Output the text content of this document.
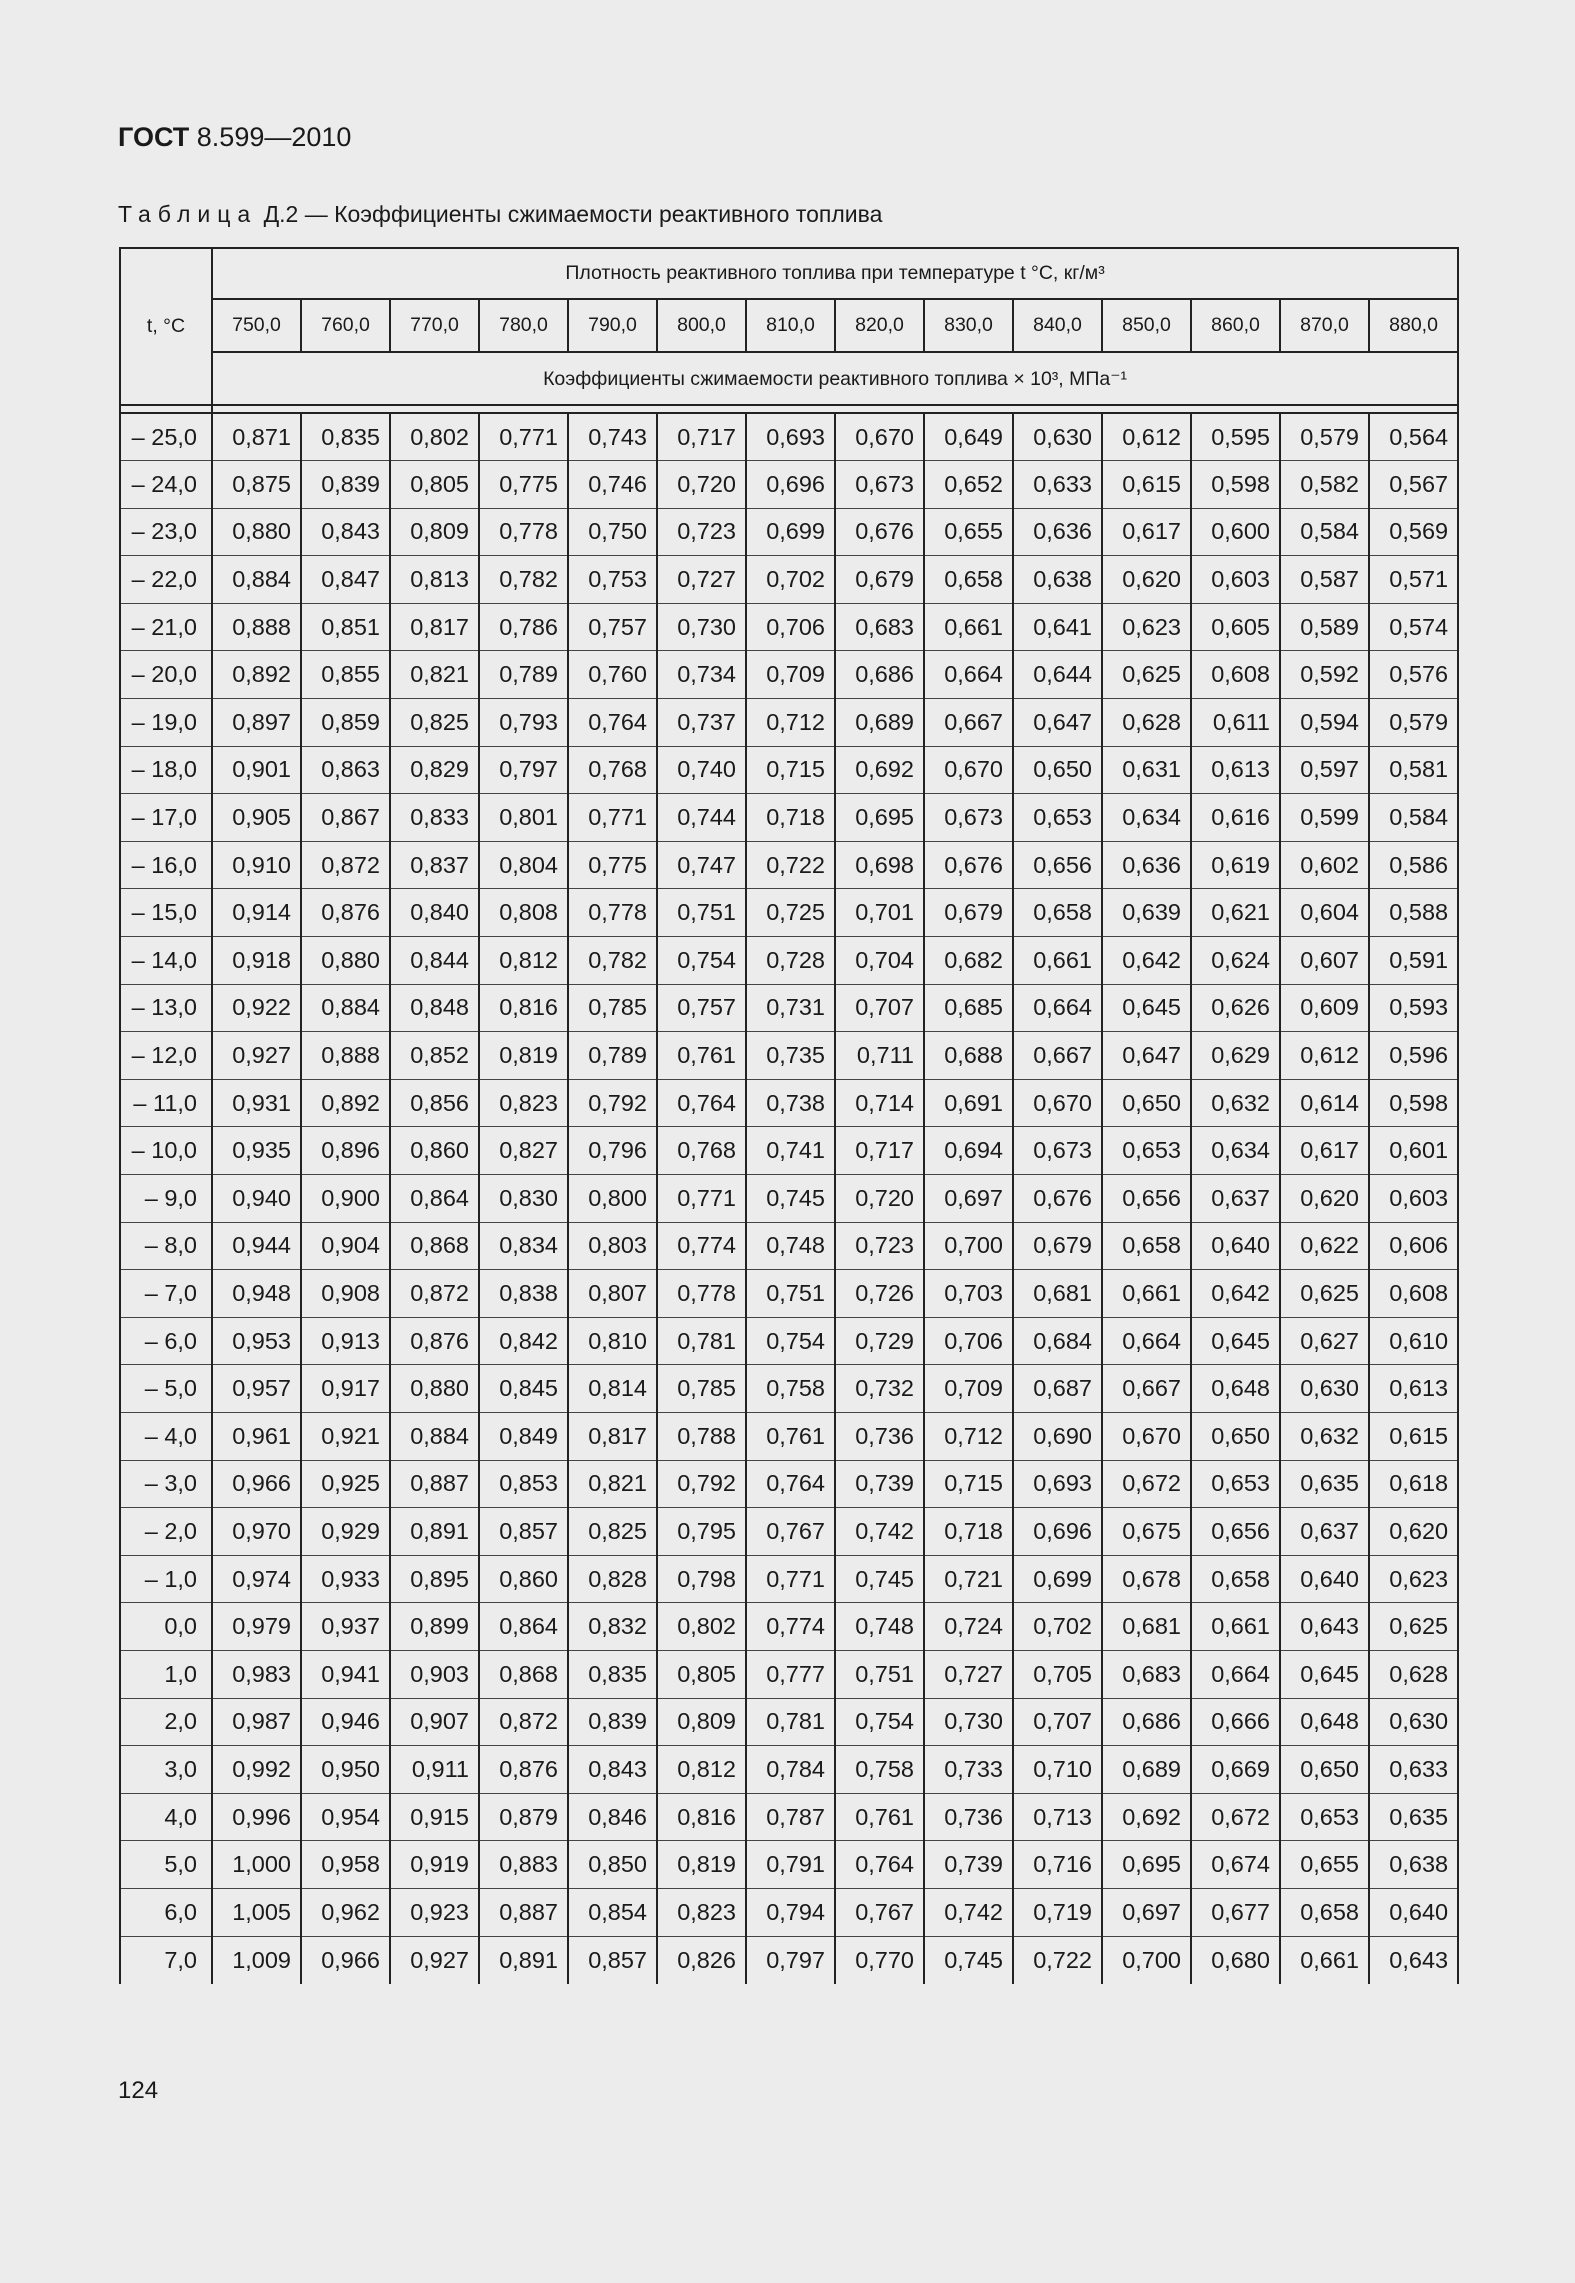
ГОСТ 8.599—2010
Таблица Д.2 — Коэффициенты сжимаемости реактивного топлива
t, °C	Плотность реактивного топлива при температуре t °C, кг/м³													
	750,0	760,0	770,0	780,0	790,0	800,0	810,0	820,0	830,0	840,0	850,0	860,0	870,0	880,0
	Коэффициенты сжимаемости реактивного топлива × 10³, МПа⁻¹													

– 25,0	0,871	0,835	0,802	0,771	0,743	0,717	0,693	0,670	0,649	0,630	0,612	0,595	0,579	0,564
– 24,0	0,875	0,839	0,805	0,775	0,746	0,720	0,696	0,673	0,652	0,633	0,615	0,598	0,582	0,567
– 23,0	0,880	0,843	0,809	0,778	0,750	0,723	0,699	0,676	0,655	0,636	0,617	0,600	0,584	0,569
– 22,0	0,884	0,847	0,813	0,782	0,753	0,727	0,702	0,679	0,658	0,638	0,620	0,603	0,587	0,571
– 21,0	0,888	0,851	0,817	0,786	0,757	0,730	0,706	0,683	0,661	0,641	0,623	0,605	0,589	0,574
– 20,0	0,892	0,855	0,821	0,789	0,760	0,734	0,709	0,686	0,664	0,644	0,625	0,608	0,592	0,576
– 19,0	0,897	0,859	0,825	0,793	0,764	0,737	0,712	0,689	0,667	0,647	0,628	0,611	0,594	0,579
– 18,0	0,901	0,863	0,829	0,797	0,768	0,740	0,715	0,692	0,670	0,650	0,631	0,613	0,597	0,581
– 17,0	0,905	0,867	0,833	0,801	0,771	0,744	0,718	0,695	0,673	0,653	0,634	0,616	0,599	0,584
– 16,0	0,910	0,872	0,837	0,804	0,775	0,747	0,722	0,698	0,676	0,656	0,636	0,619	0,602	0,586
– 15,0	0,914	0,876	0,840	0,808	0,778	0,751	0,725	0,701	0,679	0,658	0,639	0,621	0,604	0,588
– 14,0	0,918	0,880	0,844	0,812	0,782	0,754	0,728	0,704	0,682	0,661	0,642	0,624	0,607	0,591
– 13,0	0,922	0,884	0,848	0,816	0,785	0,757	0,731	0,707	0,685	0,664	0,645	0,626	0,609	0,593
– 12,0	0,927	0,888	0,852	0,819	0,789	0,761	0,735	0,711	0,688	0,667	0,647	0,629	0,612	0,596
– 11,0	0,931	0,892	0,856	0,823	0,792	0,764	0,738	0,714	0,691	0,670	0,650	0,632	0,614	0,598
– 10,0	0,935	0,896	0,860	0,827	0,796	0,768	0,741	0,717	0,694	0,673	0,653	0,634	0,617	0,601
– 9,0	0,940	0,900	0,864	0,830	0,800	0,771	0,745	0,720	0,697	0,676	0,656	0,637	0,620	0,603
– 8,0	0,944	0,904	0,868	0,834	0,803	0,774	0,748	0,723	0,700	0,679	0,658	0,640	0,622	0,606
– 7,0	0,948	0,908	0,872	0,838	0,807	0,778	0,751	0,726	0,703	0,681	0,661	0,642	0,625	0,608
– 6,0	0,953	0,913	0,876	0,842	0,810	0,781	0,754	0,729	0,706	0,684	0,664	0,645	0,627	0,610
– 5,0	0,957	0,917	0,880	0,845	0,814	0,785	0,758	0,732	0,709	0,687	0,667	0,648	0,630	0,613
– 4,0	0,961	0,921	0,884	0,849	0,817	0,788	0,761	0,736	0,712	0,690	0,670	0,650	0,632	0,615
– 3,0	0,966	0,925	0,887	0,853	0,821	0,792	0,764	0,739	0,715	0,693	0,672	0,653	0,635	0,618
– 2,0	0,970	0,929	0,891	0,857	0,825	0,795	0,767	0,742	0,718	0,696	0,675	0,656	0,637	0,620
– 1,0	0,974	0,933	0,895	0,860	0,828	0,798	0,771	0,745	0,721	0,699	0,678	0,658	0,640	0,623
0,0	0,979	0,937	0,899	0,864	0,832	0,802	0,774	0,748	0,724	0,702	0,681	0,661	0,643	0,625
1,0	0,983	0,941	0,903	0,868	0,835	0,805	0,777	0,751	0,727	0,705	0,683	0,664	0,645	0,628
2,0	0,987	0,946	0,907	0,872	0,839	0,809	0,781	0,754	0,730	0,707	0,686	0,666	0,648	0,630
3,0	0,992	0,950	0,911	0,876	0,843	0,812	0,784	0,758	0,733	0,710	0,689	0,669	0,650	0,633
4,0	0,996	0,954	0,915	0,879	0,846	0,816	0,787	0,761	0,736	0,713	0,692	0,672	0,653	0,635
5,0	1,000	0,958	0,919	0,883	0,850	0,819	0,791	0,764	0,739	0,716	0,695	0,674	0,655	0,638
6,0	1,005	0,962	0,923	0,887	0,854	0,823	0,794	0,767	0,742	0,719	0,697	0,677	0,658	0,640
7,0	1,009	0,966	0,927	0,891	0,857	0,826	0,797	0,770	0,745	0,722	0,700	0,680	0,661	0,643
124
